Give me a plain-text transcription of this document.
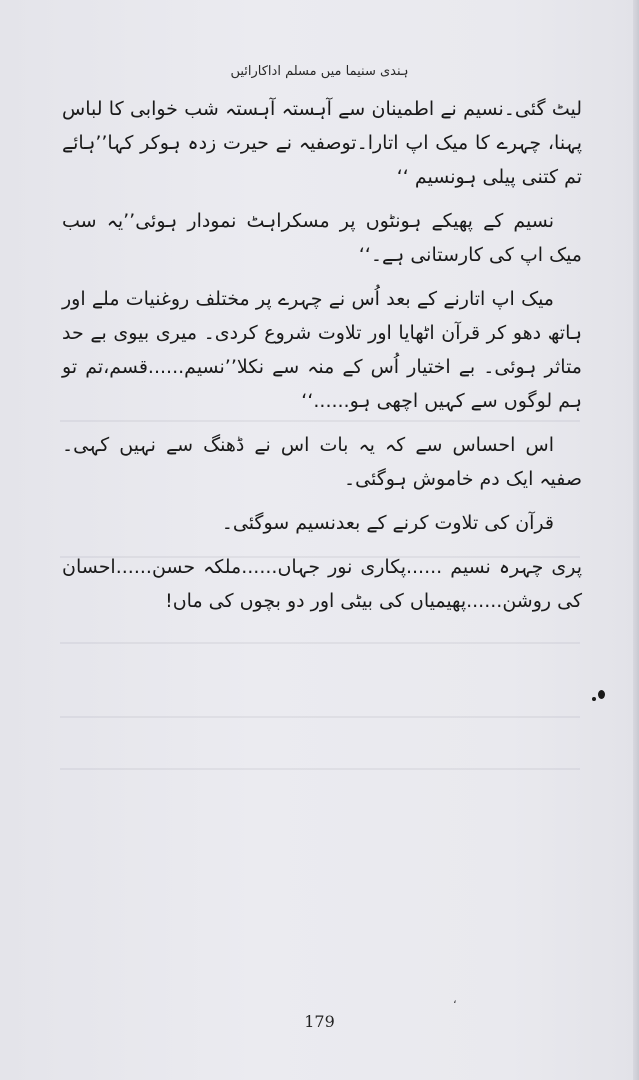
ہندی سنیما میں مسلم اداکارائیں

لیٹ گئی۔نسیم نے اطمینان سے آہستہ آہستہ شب خوابی کا لباس پہنا، چہرے کا میک اپ اتارا۔توصفیہ نے حیرت زدہ ہوکر کہا’’ہائے تم کتنی پیلی ہونسیم ‘‘

نسیم کے پھیکے ہونٹوں پر مسکراہٹ نمودار ہوئی’’یہ سب میک اپ کی کارستانی ہے۔‘‘

میک اپ اتارنے کے بعد اُس نے چہرے پر مختلف روغنیات ملے اور ہاتھ دھو کر قرآن اٹھایا اور تلاوت شروع کردی۔ میری بیوی بے حد متاثر ہوئی۔ بے اختیار اُس کے منہ سے نکلا’’نسیم......قسم،تم تو ہم لوگوں سے کہیں اچھی ہو......‘‘

اس احساس سے کہ یہ بات اس نے ڈھنگ سے نہیں کہی۔ صفیہ ایک دم خاموش ہوگئی۔

قرآن کی تلاوت کرنے کے بعدنسیم سوگئی۔

پری چہرہ نسیم ......پکاری نور جہاں......ملکہ حسن......احسان کی روشن......پھیمیاں کی بیٹی اور دو بچوں کی ماں!

،
179
